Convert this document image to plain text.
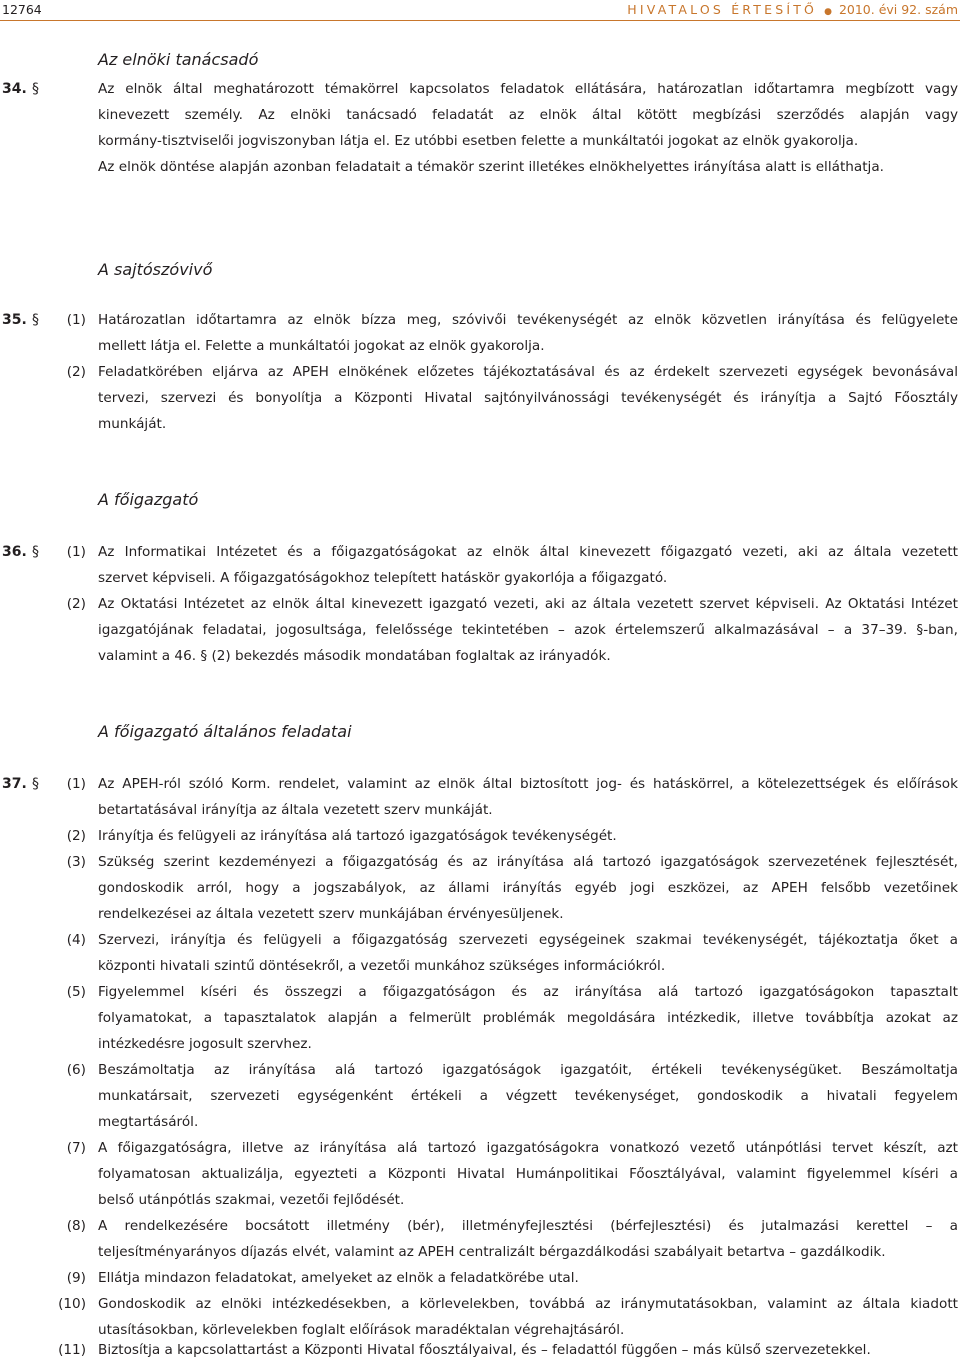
12764	HIVATALOS ÉRTESÍTŐ ● 2010. évi 92. szám
Az elnöki tanácsadó
34. §	Az elnök által meghatározott témakörrel kapcsolatos feladatok ellátására, határozatlan időtartamra megbízott vagy
kinevezett személy. Az elnöki tanácsadó feladatát az elnök által kötött megbízási szerződés alapján vagy
kormány-tisztviselői jogviszonyban látja el. Ez utóbbi esetben felette a munkáltatói jogokat az elnök gyakorolja.
Az elnök döntése alapján azonban feladatait a témakör szerint illetékes elnökhelyettes irányítása alatt is elláthatja.
A sajtószóvivő
35. §	(1) Határozatlan időtartamra az elnök bízza meg, szóvivői tevékenységét az elnök közvetlen irányítása és felügyelete
mellett látja el. Felette a munkáltatói jogokat az elnök gyakorolja.
(2) Feladatkörében eljárva az APEH elnökének előzetes tájékoztatásával és az érdekelt szervezeti egységek bevonásával
tervezi, szervezi és bonyolítja a Központi Hivatal sajtónyilvánossági tevékenységét és irányítja a Sajtó Főosztály
munkáját.
A főigazgató
36. §	(1) Az Informatikai Intézetet és a főigazgatóságokat az elnök által kinevezett főigazgató vezeti, aki az általa vezetett
szervet képviseli. A főigazgatóságokhoz telepített hatáskör gyakorlója a főigazgató.
(2) Az Oktatási Intézetet az elnök által kinevezett igazgató vezeti, aki az általa vezetett szervet képviseli. Az Oktatási Intézet
igazgatójának feladatai, jogosultsága, felelőssége tekintetében – azok értelemszerű alkalmazásával – a 37–39. §-ban,
valamint a 46. § (2) bekezdés második mondatában foglaltak az irányadók.
A főigazgató általános feladatai
37. §	(1) Az APEH-ról szóló Korm. rendelet, valamint az elnök által biztosított jog- és hatáskörrel, a kötelezettségek és előírások
betartatásával irányítja az általa vezetett szerv munkáját.
(2) Irányítja és felügyeli az irányítása alá tartozó igazgatóságok tevékenységét.
(3) Szükség szerint kezdeményezi a főigazgatóság és az irányítása alá tartozó igazgatóságok szervezetének fejlesztését,
gondoskodik arról, hogy a jogszabályok, az állami irányítás egyéb jogi eszközei, az APEH felsőbb vezetőinek
rendelkezései az általa vezetett szerv munkájában érvényesüljenek.
(4) Szervezi, irányítja és felügyeli a főigazgatóság szervezeti egységeinek szakmai tevékenységét, tájékoztatja őket a
központi hivatali szintű döntésekről, a vezetői munkához szükséges információkról.
(5) Figyelemmel kíséri és összegzi a főigazgatóságon és az irányítása alá tartozó igazgatóságokon tapasztalt
folyamatokat, a tapasztalatok alapján a felmerült problémák megoldására intézkedik, illetve továbbítja azokat az
intézkedésre jogosult szervhez.
(6) Beszámoltatja az irányítása alá tartozó igazgatóságok igazgatóit, értékeli tevékenységüket. Beszámoltatja
munkatársait, szervezeti egységenként értékeli a végzett tevékenységet, gondoskodik a hivatali fegyelem
megtartásáról.
(7) A főigazgatóságra, illetve az irányítása alá tartozó igazgatóságokra vonatkozó vezető utánpótlási tervet készít, azt
folyamatosan aktualizálja, egyezteti a Központi Hivatal Humánpolitikai Főosztályával, valamint figyelemmel kíséri a
belső utánpótlás szakmai, vezetői fejlődését.
(8) A rendelkezésére bocsátott illetmény (bér), illetményfejlesztési (bérfejlesztési) és jutalmazási kerettel – a
teljesítményarányos díjazás elvét, valamint az APEH centralizált bérgazdálkodási szabályait betartva – gazdálkodik.
(9) Ellátja mindazon feladatokat, amelyeket az elnök a feladatkörébe utal.
(10) Gondoskodik az elnöki intézkedésekben, a körlevelekben, továbbá az iránymutatásokban, valamint az általa kiadott
utasításokban, körlevelekben foglalt előírások maradéktalan végrehajtásáról.
(11) Biztosítja a kapcsolattartást a Központi Hivatal főosztályaival, és – feladattól függően – más külső szervezetekkel.
